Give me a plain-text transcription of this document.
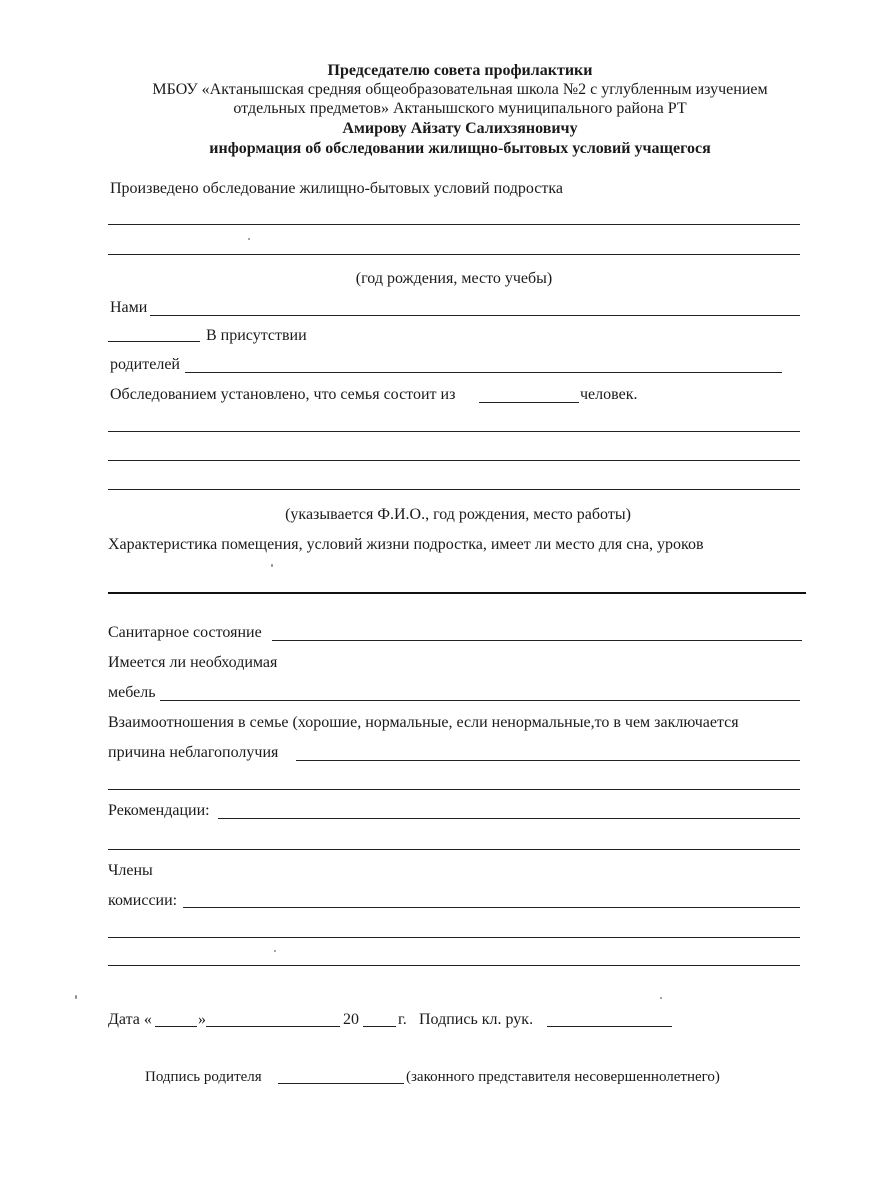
Председателю совета профилактики
МБОУ «Актанышская средняя общеобразовательная школа №2 с углубленным изучением
отдельных предметов» Актанышского муниципального района РТ
Амирову Айзату Салихзяновичу
информация об обследовании жилищно-бытовых условий учащегося
Произведено обследование жилищно-бытовых условий подростка
(год рождения, место учебы)
Нами
В присутствии
родителей
Обследованием установлено, что семья состоит из	человек.
(указывается Ф.И.О., год рождения, место работы)
Характеристика помещения, условий жизни подростка, имеет ли место для сна, уроков
Санитарное состояние
Имеется ли необходимая
мебель
Взаимоотношения в семье (хорошие, нормальные, если ненормальные,то в чем заключается
причина неблагополучия
Рекомендации:
Члены
комиссии:
Дата «	»	20 г. Подпись кл. рук.
Подпись родителя	(законного представителя несовершеннолетнего)
